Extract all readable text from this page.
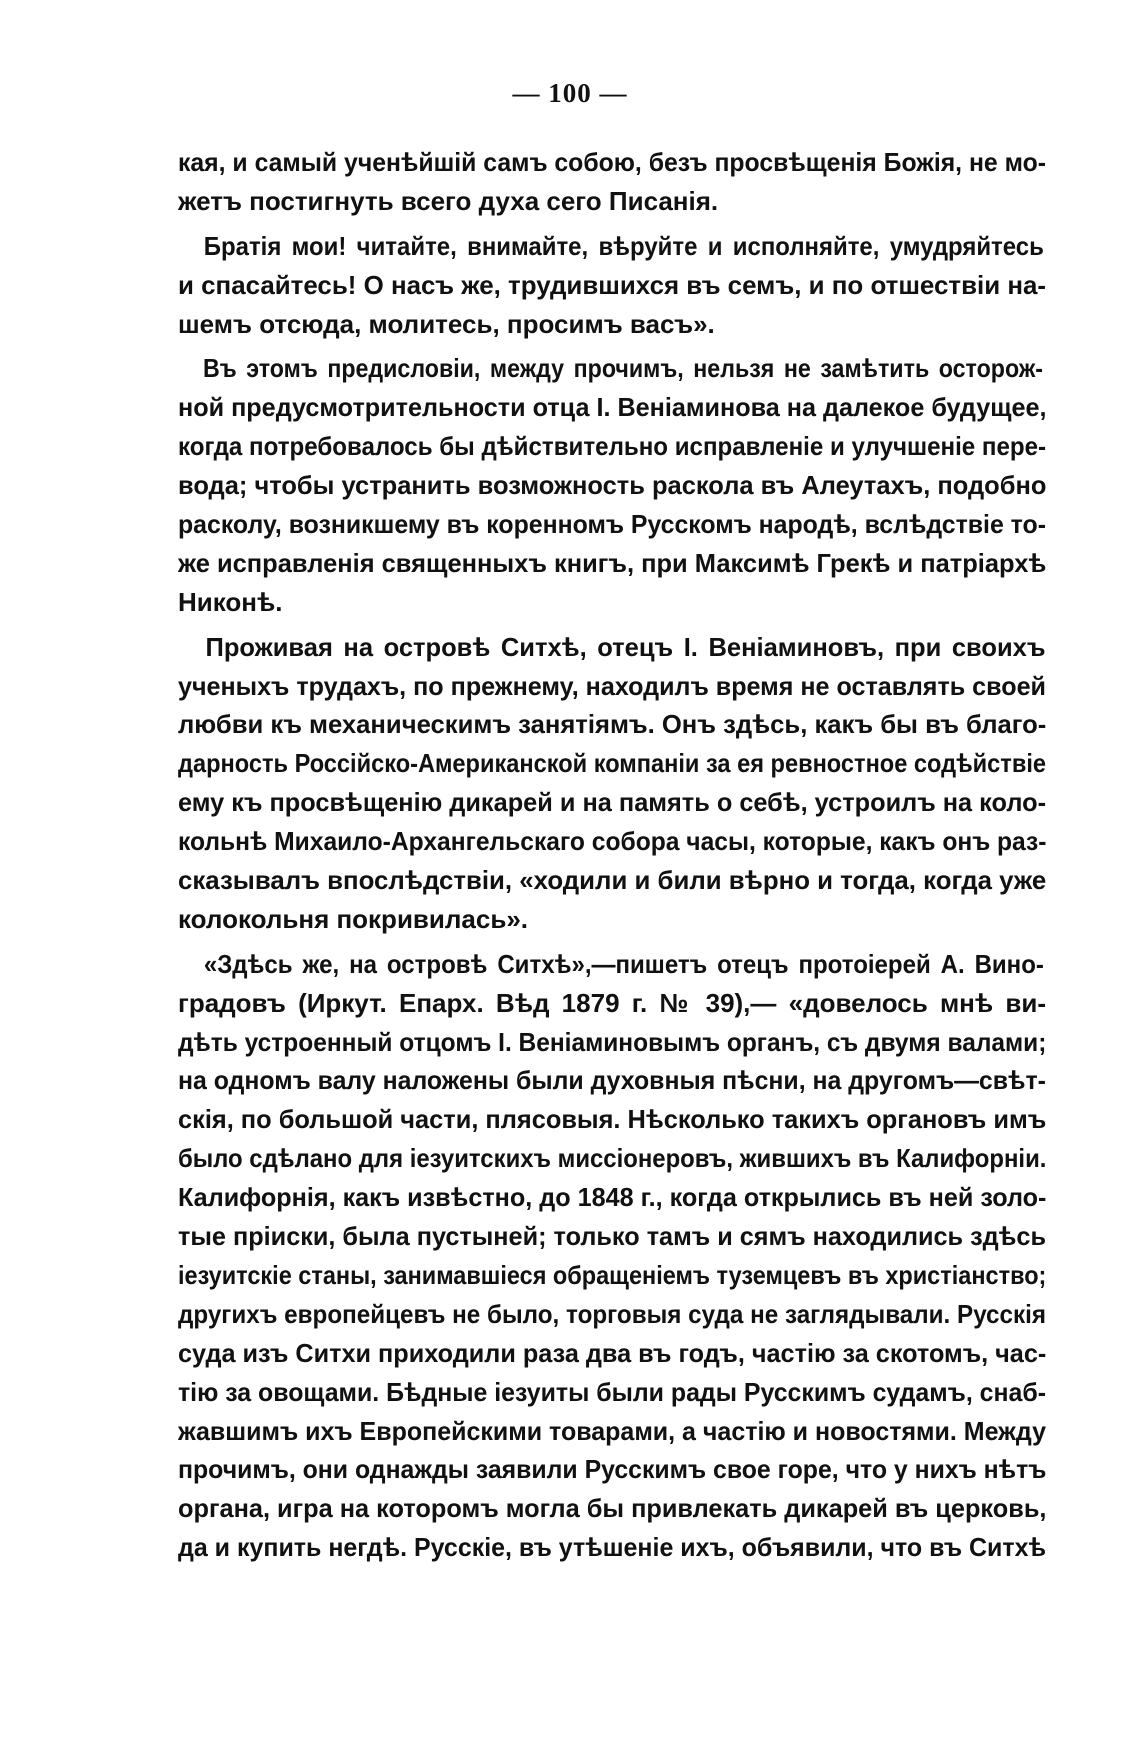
— 100 —
кая, и самый ученѣйшій самъ собою, безъ просвѣщенія Божія, не мо-
жетъ постигнуть всего духа сего Писанія.
Братія мои! читайте, внимайте, вѣруйте и исполняйте, умудряйтесь
и спасайтесь! О насъ же, трудившихся въ семъ, и по отшествіи на-
шемъ отсюда, молитесь, просимъ васъ».
Въ этомъ предисловіи, между прочимъ, нельзя не замѣтить осторож-
ной предусмотрительности отца І. Веніаминова на далекое будущее,
когда потребовалось бы дѣйствительно исправленіе и улучшеніе пере-
вода; чтобы устранить возможность раскола въ Алеутахъ, подобно
расколу, возникшему въ коренномъ Русскомъ народѣ, вслѣдствіе то-
же исправленія священныхъ книгъ, при Максимѣ Грекѣ и патріархѣ
Никонѣ.
Проживая на островѣ Ситхѣ, отецъ І. Веніаминовъ, при своихъ
ученыхъ трудахъ, по прежнему, находилъ время не оставлять своей
любви къ механическимъ занятіямъ. Онъ здѣсь, какъ бы въ благо-
дарность Россійско-Американской компаніи за ея ревностное содѣйствіе
ему къ просвѣщенію дикарей и на память о себѣ, устроилъ на коло-
кольнѣ Михаило-Архангельскаго собора часы, которые, какъ онъ раз-
сказывалъ впослѣдствіи, «ходили и били вѣрно и тогда, когда уже
колокольня покривилась».
«Здѣсь же, на островѣ Ситхѣ»,—пишетъ отецъ протоіерей А. Вино-
градовъ (Иркут. Епарх. Вѣд 1879 г. № 39),— «довелось мнѣ ви-
дѣть устроенный отцомъ І. Веніаминовымъ органъ, съ двумя валами;
на одномъ валу наложены были духовныя пѣсни, на другомъ—свѣт-
скія, по большой части, плясовыя. Нѣсколько такихъ органовъ имъ
было сдѣлано для іезуитскихъ миссіонеровъ, жившихъ въ Калифорніи.
Калифорнія, какъ извѣстно, до 1848 г., когда открылись въ ней золо-
тые пріиски, была пустыней; только тамъ и сямъ находились здѣсь
іезуитскіе станы, занимавшіеся обращеніемъ туземцевъ въ христіанство;
другихъ европейцевъ не было, торговыя суда не заглядывали. Русскія
суда изъ Ситхи приходили раза два въ годъ, частію за скотомъ, час-
тію за овощами. Бѣдные іезуиты были рады Русскимъ судамъ, снаб-
жавшимъ ихъ Европейскими товарами, а частію и новостями. Между
прочимъ, они однажды заявили Русскимъ свое горе, что у нихъ нѣтъ
органа, игра на которомъ могла бы привлекать дикарей въ церковь,
да и купить негдѣ. Русскіе, въ утѣшеніе ихъ, объявили, что въ Ситхѣ
